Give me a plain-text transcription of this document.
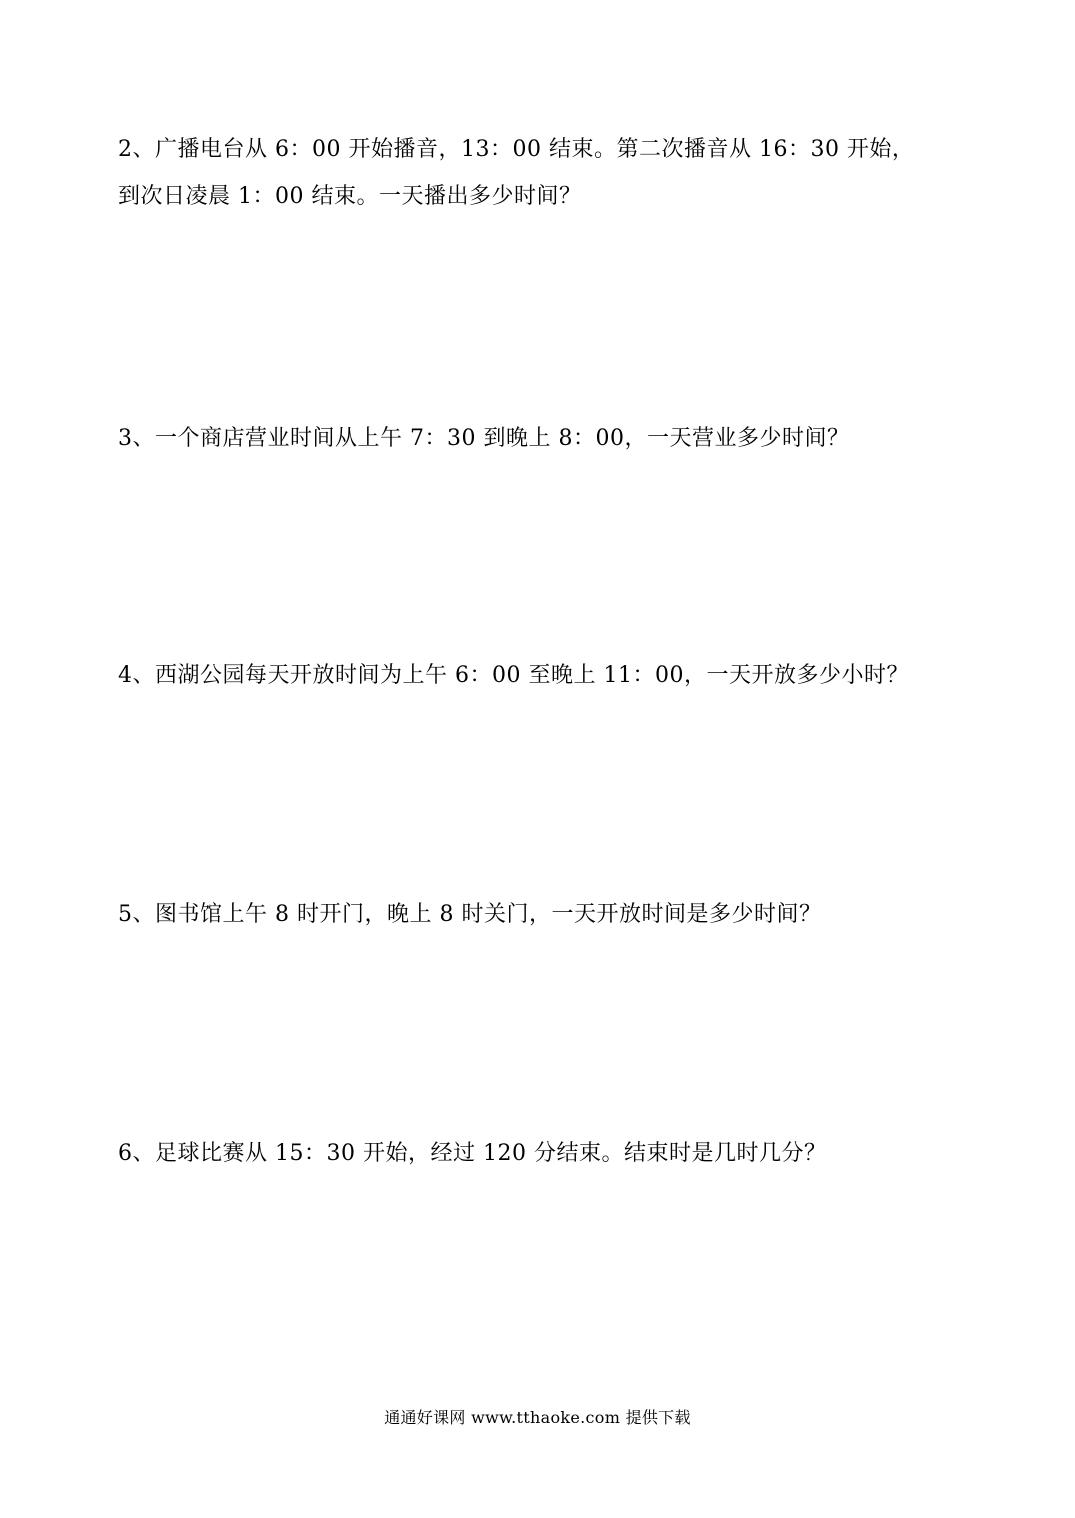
2、广播电台从 6：00 开始播音，13：00 结束。第二次播音从 16：30 开始，
到次日凌晨 1：00 结束。一天播出多少时间？
3、一个商店营业时间从上午 7：30 到晚上 8：00，一天营业多少时间？
4、西湖公园每天开放时间为上午 6：00 至晚上 11：00，一天开放多少小时？
5、图书馆上午 8 时开门，晚上 8 时关门，一天开放时间是多少时间？
6、足球比赛从 15：30 开始，经过 120 分结束。结束时是几时几分？
通通好课网 www.tthaoke.com 提供下载
